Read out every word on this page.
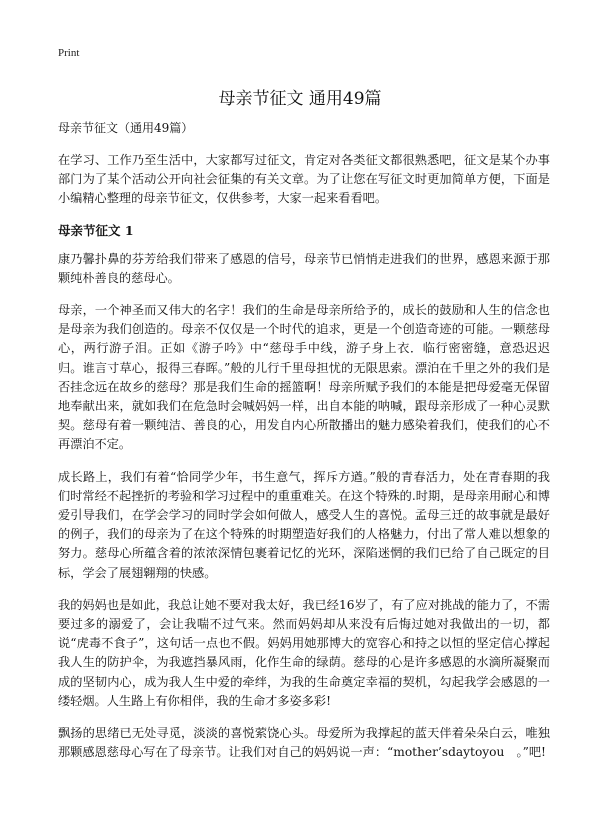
Print
母亲节征文 通用49篇

母亲节征文（通用49篇）

在学习、工作乃至生活中，大家都写过征文，肯定对各类征文都很熟悉吧，征文是某个办事部门为了某个活动公开向社会征集的有关文章。为了让您在写征文时更加简单方便，下面是小编精心整理的母亲节征文，仅供参考，大家一起来看看吧。

母亲节征文 1

康乃馨扑鼻的芬芳给我们带来了感恩的信号，母亲节已悄悄走进我们的世界，感恩来源于那颗纯朴善良的慈母心。

母亲，一个神圣而又伟大的名字！我们的生命是母亲所给予的，成长的鼓励和人生的信念也是母亲为我们创造的。母亲不仅仅是一个时代的追求，更是一个创造奇迹的可能。一颗慈母心，两行游子泪。正如《游子吟》中“慈母手中线，游子身上衣．临行密密缝，意恐迟迟归。谁言寸草心，报得三春晖。”般的儿行千里母担忧的无限思索。漂泊在千里之外的我们是否挂念远在故乡的慈母？那是我们生命的摇篮啊！母亲所赋予我们的本能是把母爱毫无保留地奉献出来，就如我们在危急时会喊妈妈一样，出自本能的呐喊，跟母亲形成了一种心灵默契。慈母有着一颗纯洁、善良的心，用发自内心所散播出的魅力感染着我们，使我们的心不再漂泊不定。

成长路上，我们有着“恰同学少年，书生意气，挥斥方遒。”般的青春活力，处在青春期的我们时常经不起挫折的考验和学习过程中的重重难关。在这个特殊的.时期，是母亲用耐心和博爱引导我们，在学会学习的同时学会如何做人，感受人生的喜悦。孟母三迁的故事就是最好的例子，我们的母亲为了在这个特殊的时期塑造好我们的人格魅力，付出了常人难以想象的努力。慈母心所蕴含着的浓浓深情包裹着记忆的光环，深陷迷惘的我们已给了自己既定的目标，学会了展翅翱翔的快感。

我的妈妈也是如此，我总让她不要对我太好，我已经16岁了，有了应对挑战的能力了，不需要过多的溺爱了，会让我喘不过气来。然而妈妈却从来没有后悔过她对我做出的一切，都说“虎毒不食子”，这句话一点也不假。妈妈用她那博大的宽容心和持之以恒的坚定信心撑起我人生的防护伞，为我遮挡暴风雨，化作生命的绿荫。慈母的心是许多感恩的水滴所凝聚而成的坚韧内心，成为我人生中爱的牵绊，为我的生命奠定幸福的契机，勾起我学会感恩的一缕轻烟。人生路上有你相伴，我的生命才多姿多彩!

飘扬的思绪已无处寻觅，淡淡的喜悦萦饶心头。母爱所为我撑起的蓝天伴着朵朵白云，唯独那颗感恩慈母心写在了母亲节。让我们对自己的妈妈说一声：“mother’sdaytoyou　。”吧!
